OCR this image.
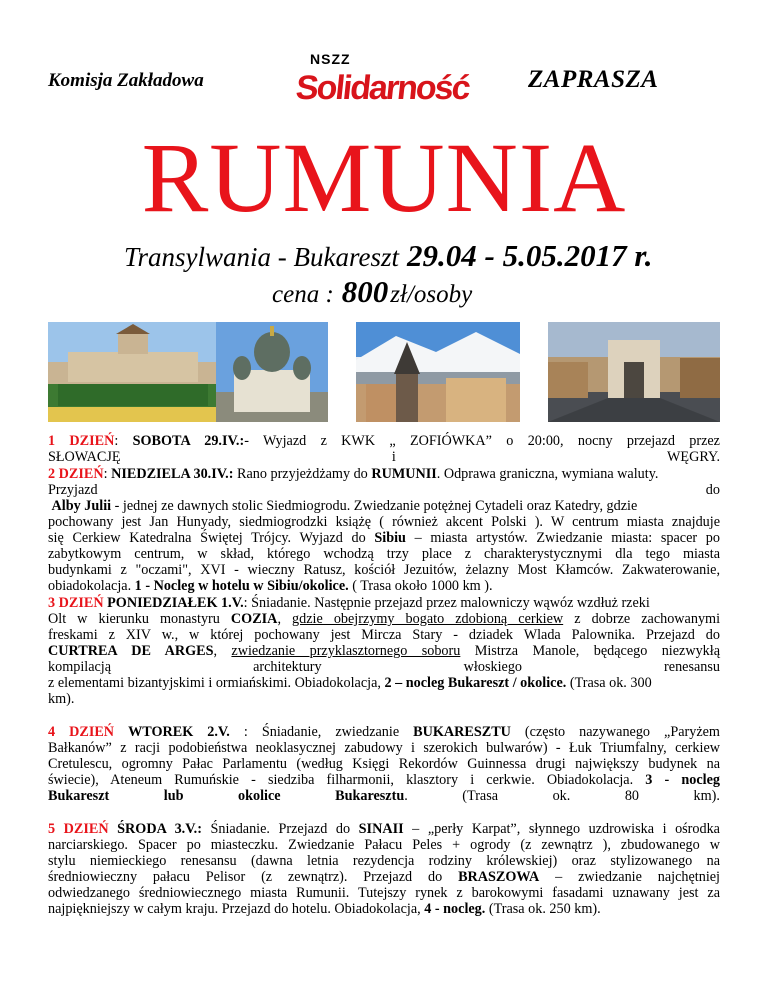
Komisja Zakładowa
NSZZ
Solidarność ZAPRASZA
RUMUNIA
Transylwania - Bukareszt 29.04 - 5.05.2017 r.
cena : 800zł/osoby
1 DZIEŃ: SOBOTA 29.IV.:- Wyjazd z KWK „ ZOFIÓWKA” o 20:00, nocny przejazd przez
SŁOWACJĘ i WĘGRY.
2 DZIEŃ: NIEDZIELA 30.IV.: Rano przyjeżdżamy do RUMUNII. Odprawa graniczna, wymiana waluty.
Przyjazd do
Alby Julii - jednej ze dawnych stolic Siedmiogrodu. Zwiedzanie potężnej Cytadeli oraz Katedry, gdzie
pochowany jest Jan Hunyady, siedmiogrodzki książę ( również akcent Polski ). W centrum miasta znajduje
się Cerkiew Katedralna Świętej Trójcy. Wyjazd do Sibiu – miasta artystów. Zwiedzanie miasta: spacer po
zabytkowym centrum, w skład, którego wchodzą trzy place z charakterystycznymi dla tego miasta
budynkami z "oczami", XVI - wieczny Ratusz, kościół Jezuitów, żelazny Most Kłamców. Zakwaterowanie,
obiadokolacja. 1 - Nocleg w hotelu w Sibiu/okolice. ( Trasa około 1000 km ).
3 DZIEŃ PONIEDZIAŁEK 1.V.: Śniadanie. Następnie przejazd przez malowniczy wąwóz wzdłuż rzeki
Olt w kierunku monastyru COZIA, gdzie obejrzymy bogato zdobioną cerkiew z dobrze zachowanymi
freskami z XIV w., w której pochowany jest Mircza Stary - dziadek Wlada Palownika. Przejazd do
CURTREA DE ARGES, zwiedzanie przyklasztornego soboru Mistrza Manole, będącego niezwykłą
kompilacją architektury włoskiego renesansu
z elementami bizantyjskimi i ormiańskimi. Obiadokolacja, 2 – nocleg Bukareszt / okolice. (Trasa ok. 300
km).
4 DZIEŃ WTOREK 2.V. : Śniadanie, zwiedzanie BUKARESZTU (często nazywanego „Paryżem
Bałkanów” z racji podobieństwa neoklasycznej zabudowy i szerokich bulwarów) - Łuk Triumfalny, cerkiew
Cretulescu, ogromny Pałac Parlamentu (według Księgi Rekordów Guinnessa drugi największy budynek na
świecie), Ateneum Rumuńskie - siedziba filharmonii, klasztory i cerkwie. Obiadokolacja. 3 - nocleg
Bukareszt	lub	okolice	Bukaresztu.	(Trasa	ok.	80	km).
5 DZIEŃ ŚRODA 3.V.: Śniadanie. Przejazd do SINAII – „perły Karpat”, słynnego uzdrowiska i ośrodka
narciarskiego. Spacer po miasteczku. Zwiedzanie Pałacu Peles + ogrody (z zewnątrz ), zbudowanego w
stylu niemieckiego renesansu (dawna letnia rezydencja rodziny królewskiej) oraz stylizowanego na
średniowieczny pałacu Pelisor (z zewnątrz). Przejazd do BRASZOWA – zwiedzanie najchętniej
odwiedzanego średniowiecznego miasta Rumunii. Tutejszy rynek z barokowymi fasadami uznawany jest za
najpiękniejszy w całym kraju. Przejazd do hotelu. Obiadokolacja, 4 - nocleg. (Trasa ok. 250 km).
